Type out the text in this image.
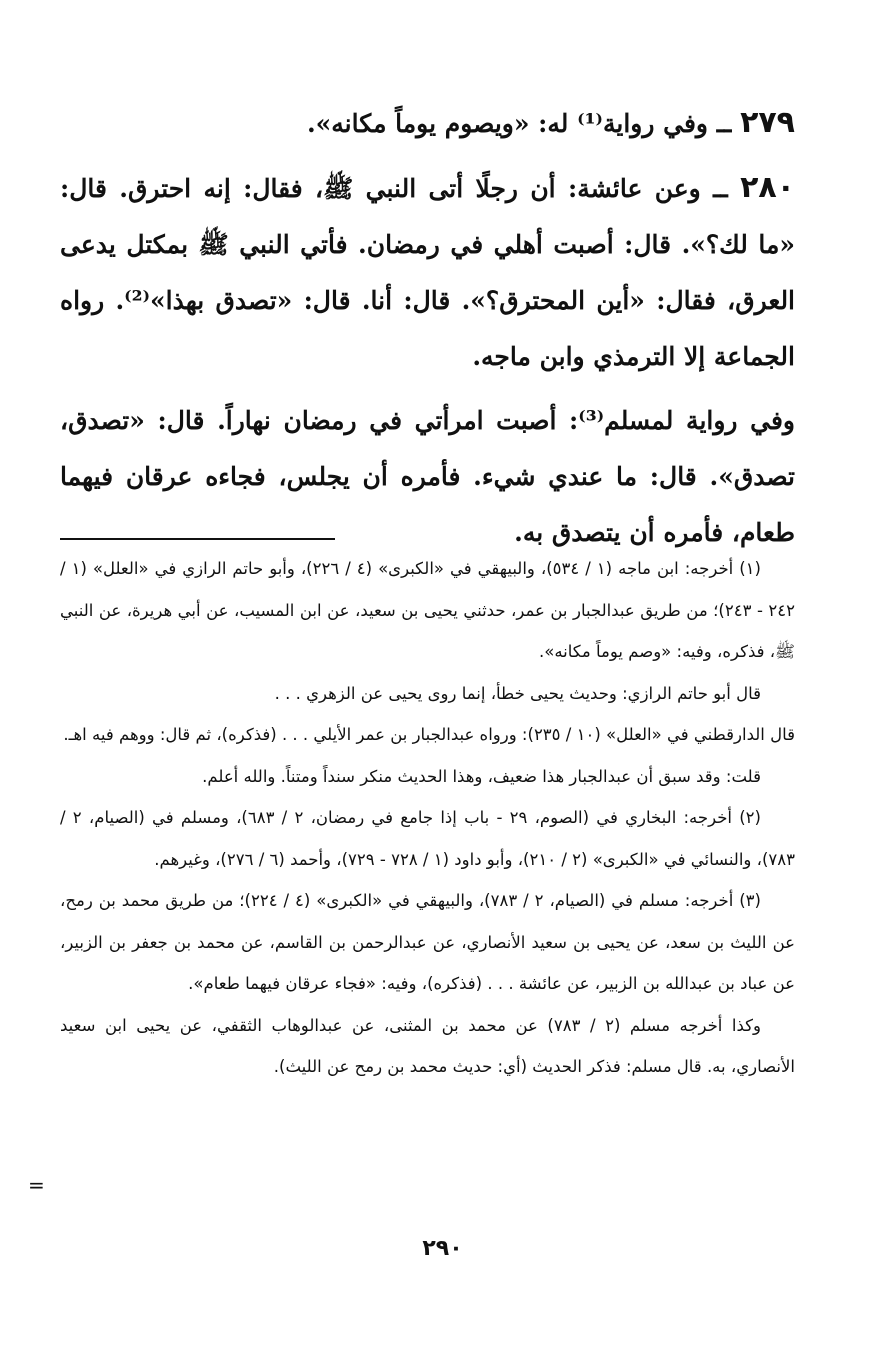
٢٧٩ ــ وفي رواية⁽¹⁾ له: «ويصوم يوماً مكانه».

٢٨٠ ــ وعن عائشة: أن رجلًا أتى النبي ﷺ، فقال: إنه احترق. قال: «ما لك؟». قال: أصبت أهلي في رمضان. فأتي النبي ﷺ بمكتل يدعى العرق، فقال: «أين المحترق؟». قال: أنا. قال: «تصدق بهذا»⁽²⁾. رواه الجماعة إلا الترمذي وابن ماجه.

وفي رواية لمسلم⁽³⁾: أصبت امرأتي في رمضان نهاراً. قال: «تصدق، تصدق». قال: ما عندي شيء. فأمره أن يجلس، فجاءه عرقان فيهما طعام، فأمره أن يتصدق به.

(١) أخرجه: ابن ماجه (١ / ٥٣٤)، والبيهقي في «الكبرى» (٤ / ٢٢٦)، وأبو حاتم الرازي في «العلل» (١ / ٢٤٢ - ٢٤٣)؛ من طريق عبدالجبار بن عمر، حدثني يحيى بن سعيد، عن ابن المسيب، عن أبي هريرة، عن النبي ﷺ، فذكره، وفيه: «وصم يوماً مكانه».

قال أبو حاتم الرازي: وحديث يحيى خطأ، إنما روى يحيى عن الزهري . . .

قال الدارقطني في «العلل» (١٠ / ٢٣٥): ورواه عبدالجبار بن عمر الأيلي . . . (فذكره)، ثم قال: ووهم فيه اهـ.

قلت: وقد سبق أن عبدالجبار هذا ضعيف، وهذا الحديث منكر سنداً ومتناً. والله أعلم.

(٢) أخرجه: البخاري في (الصوم، ٢٩ - باب إذا جامع في رمضان، ٢ / ٦٨٣)، ومسلم في (الصيام، ٢ / ٧٨٣)، والنسائي في «الكبرى» (٢ / ٢١٠)، وأبو داود (١ / ٧٢٨ - ٧٢٩)، وأحمد (٦ / ٢٧٦)، وغيرهم.

(٣) أخرجه: مسلم في (الصيام، ٢ / ٧٨٣)، والبيهقي في «الكبرى» (٤ / ٢٢٤)؛ من طريق محمد بن رمح، عن الليث بن سعد، عن يحيى بن سعيد الأنصاري، عن عبدالرحمن بن القاسم، عن محمد بن جعفر بن الزبير، عن عباد بن عبدالله بن الزبير، عن عائشة . . . (فذكره)، وفيه: «فجاء عرقان فيهما طعام».

وكذا أخرجه مسلم (٢ / ٧٨٣) عن محمد بن المثنى، عن عبدالوهاب الثقفي، عن يحيى ابن سعيد الأنصاري، به. قال مسلم: فذكر الحديث (أي: حديث محمد بن رمح عن الليث).

=
٢٩٠
